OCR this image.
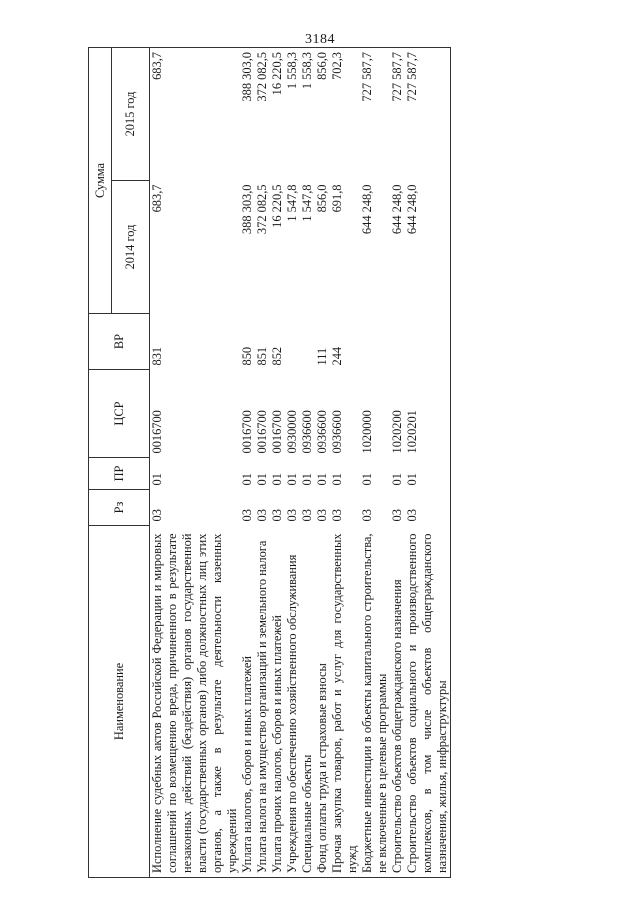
3184
Наименование	Рз	ПР	ЦСР	ВР	Сумма	
					2014 год	2015 год
Исполнение судебных актов Российской Федерации и мировых соглашений по возмещению вреда, причиненного в результате незаконных действий (бездействия) органов государственной власти (государственных органов) либо должностных лиц этих органов, а также в результате деятельности казенных учреждений	03	01	0016700	831	683,7	683,7
Уплата налогов, сборов и иных платежей	03	01	0016700	850	388 303,0	388 303,0
Уплата налога на имущество организаций и земельного налога	03	01	0016700	851	372 082,5	372 082,5
Уплата прочих налогов, сборов и иных платежей	03	01	0016700	852	16 220,5	16 220,5
Учреждения по обеспечению хозяйственного обслуживания	03	01	0930000		1 547,8	1 558,3
Специальные объекты	03	01	0936600		1 547,8	1 558,3
Фонд оплаты труда и страховые взносы	03	01	0936600	111	856,0	856,0
Прочая закупка товаров, работ и услуг для государственных нужд	03	01	0936600	244	691,8	702,3
Бюджетные инвестиции в объекты капитального строительства, не включенные в целевые программы	03	01	1020000		644 248,0	727 587,7
Строительство объектов общегражданского назначения	03	01	1020200		644 248,0	727 587,7
Строительство объектов социального и производственного комплексов, в том числе объектов общегражданского назначения, жилья, инфраструктуры	03	01	1020201		644 248,0	727 587,7
